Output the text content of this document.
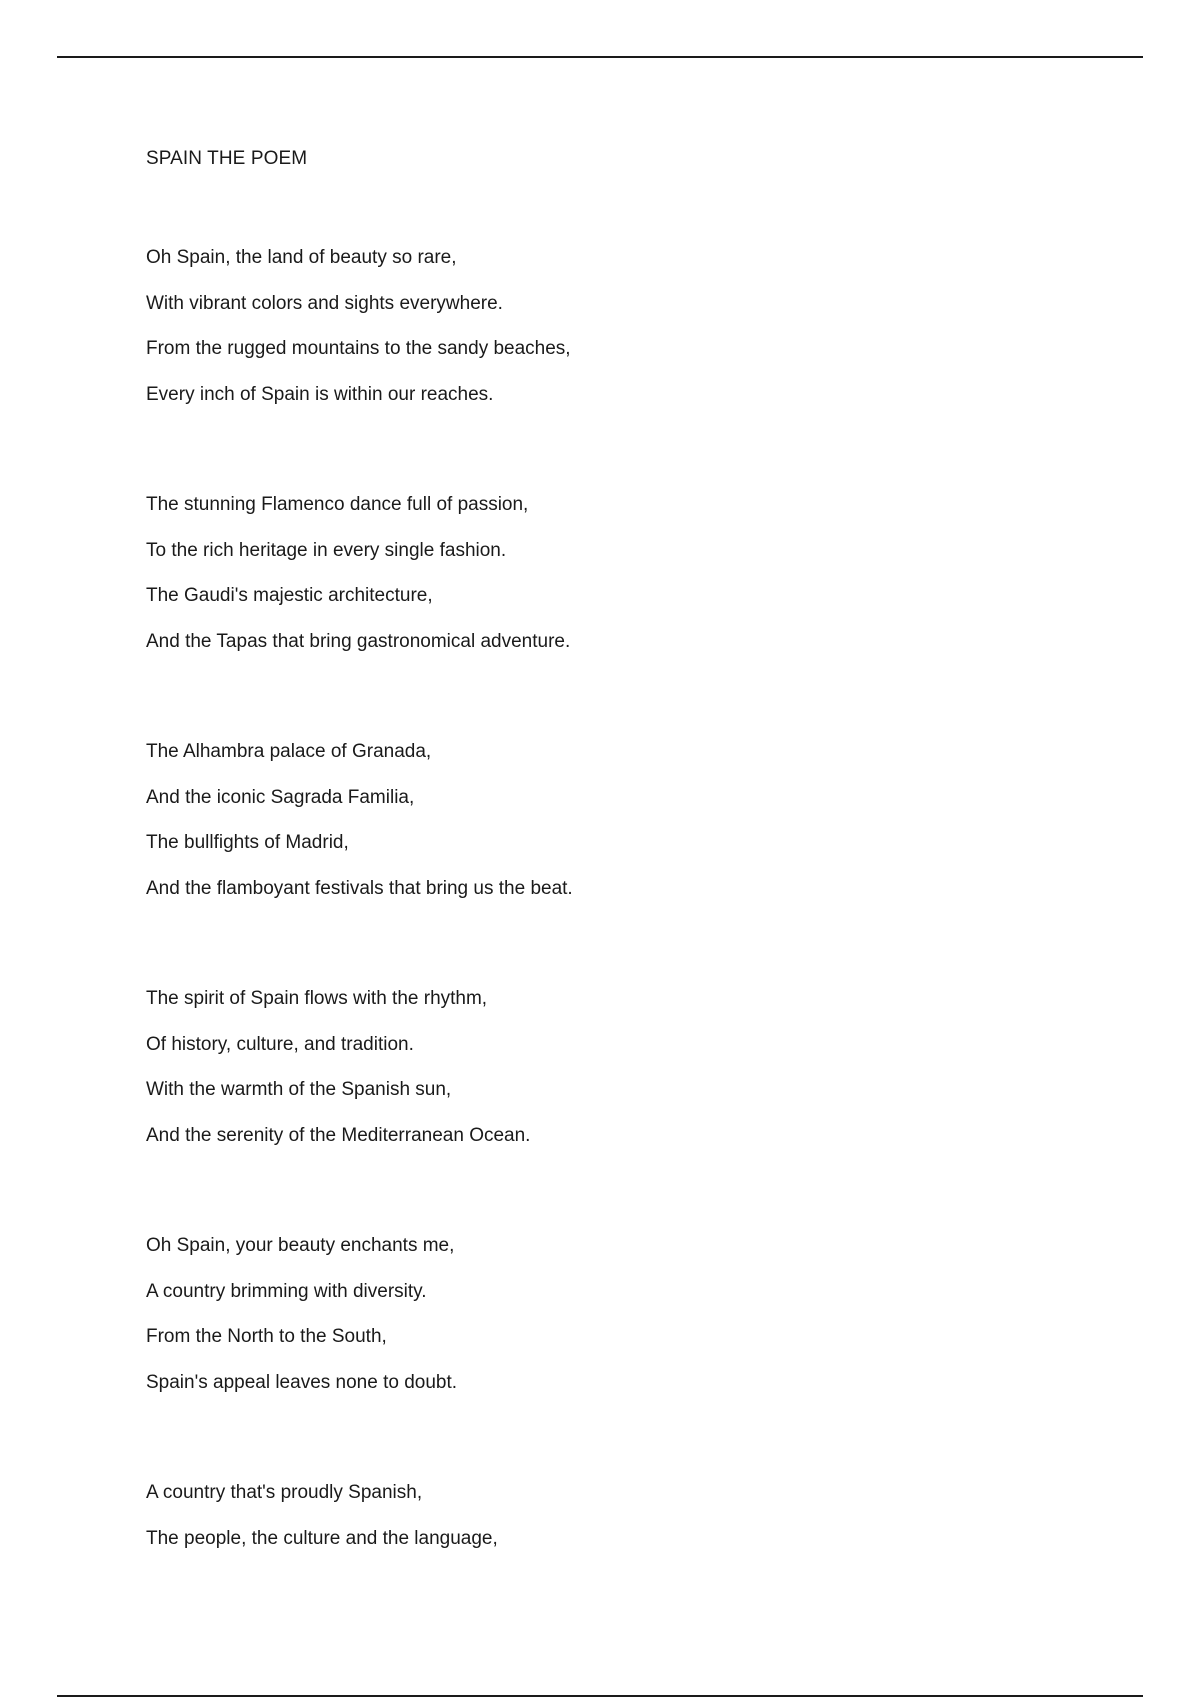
SPAIN THE POEM

Oh Spain, the land of beauty so rare,

With vibrant colors and sights everywhere.

From the rugged mountains to the sandy beaches,

Every inch of Spain is within our reaches.

The stunning Flamenco dance full of passion,

To the rich heritage in every single fashion.

The Gaudi's majestic architecture,

And the Tapas that bring gastronomical adventure.

The Alhambra palace of Granada,

And the iconic Sagrada Familia,

The bullfights of Madrid,

And the flamboyant festivals that bring us the beat.

The spirit of Spain flows with the rhythm,

Of history, culture, and tradition.

With the warmth of the Spanish sun,

And the serenity of the Mediterranean Ocean.

Oh Spain, your beauty enchants me,

A country brimming with diversity.

From the North to the South,

Spain's appeal leaves none to doubt.

A country that's proudly Spanish,

The people, the culture and the language,
